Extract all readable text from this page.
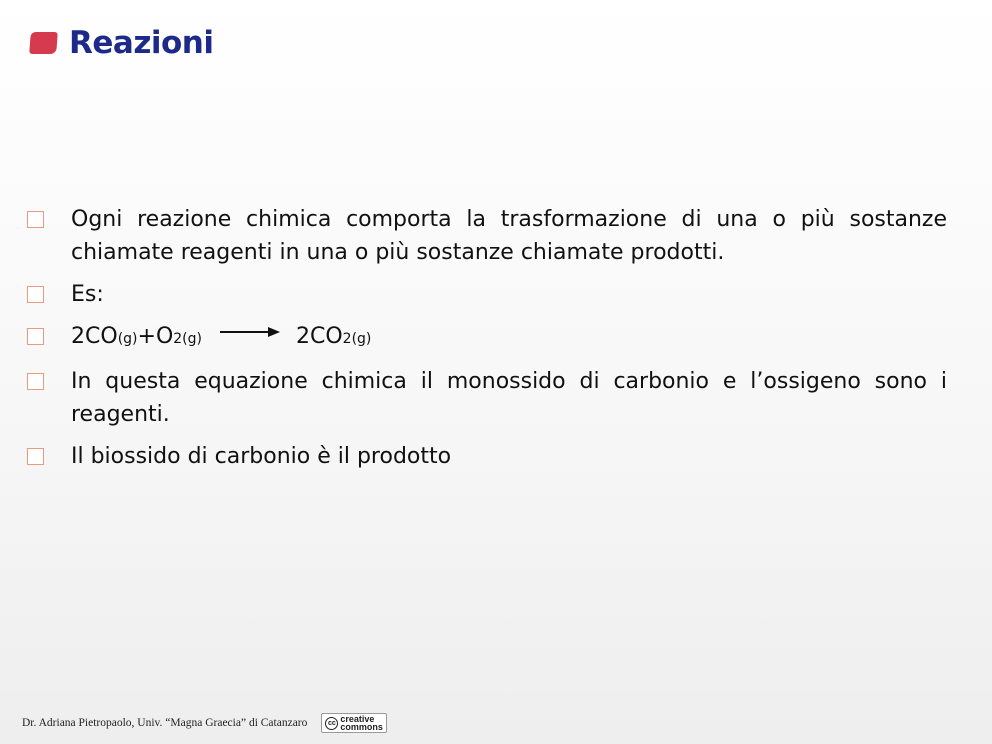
Reazioni
Ogni reazione chimica comporta la trasformazione di una o più sostanze chiamate reagenti in una o più sostanze chiamate prodotti.
Es:
2CO (g) + O 2(g) → 2CO 2(g)
In questa equazione chimica il monossido di carbonio e l’ossigeno sono i reagenti.
Il biossido di carbonio è il prodotto
Dr. Adriana Pietropaolo, Univ. “Magna Graecia” di Catanzaro	cc creative
commons
